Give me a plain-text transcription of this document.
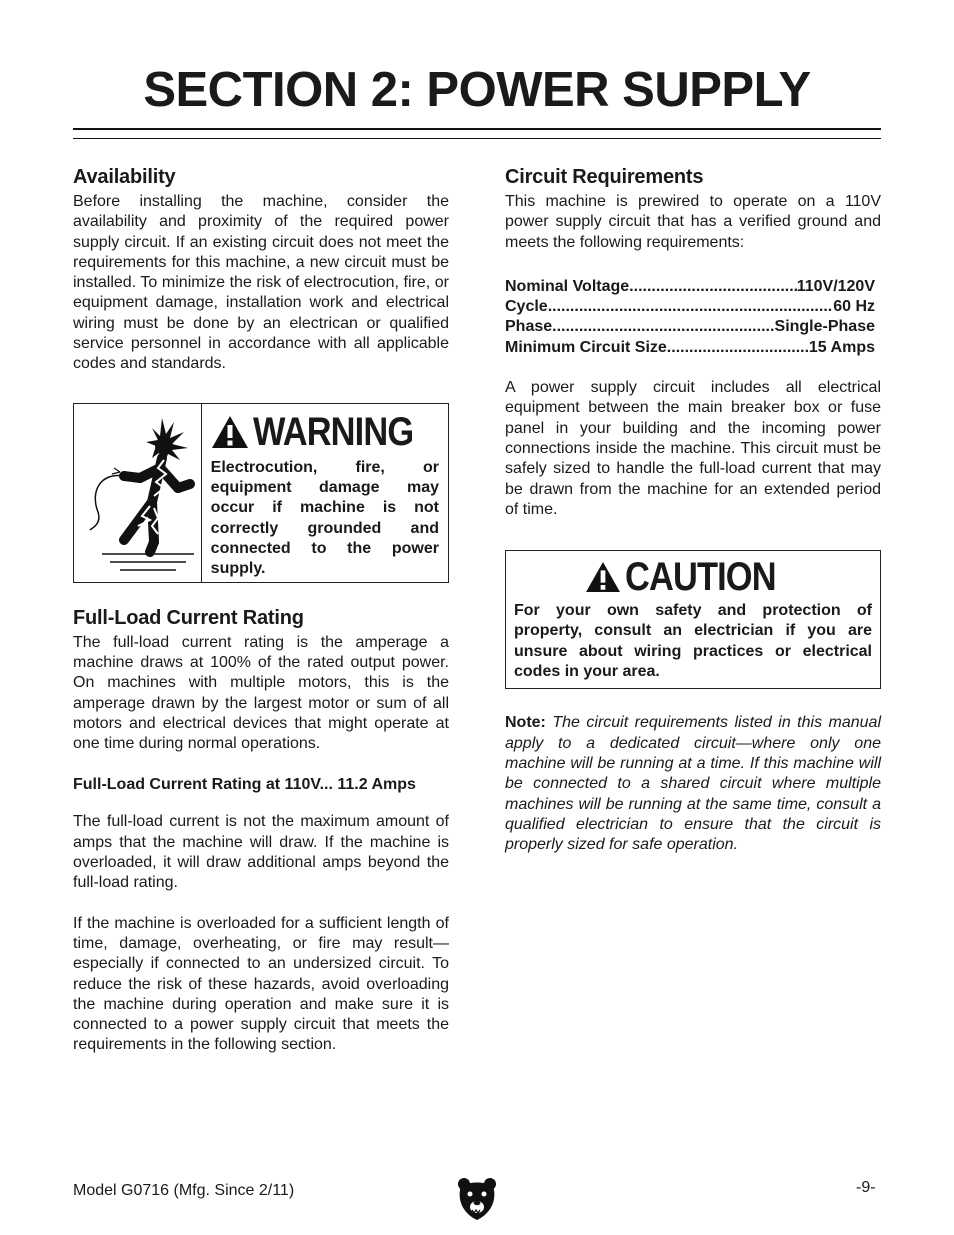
SECTION 2: POWER SUPPLY
Availability

Before installing the machine, consider the availability and proximity of the required power supply circuit. If an existing circuit does not meet the requirements for this machine, a new circuit must be installed. To minimize the risk of electrocution, fire, or equipment damage, installation work and electrical wiring must be done by an electrican or qualified service personnel in accordance with all applicable codes and standards.

WARNING

Electrocution, fire, or equipment damage may occur if machine is not correctly grounded and connected to the power supply.

Full-Load Current Rating

The full-load current rating is the amperage a machine draws at 100% of the rated output power. On machines with multiple motors, this is the amperage drawn by the largest motor or sum of all motors and electrical devices that might operate at one time during normal operations.

Full-Load Current Rating at 110V... 11.2 Amps

The full-load current is not the maximum amount of amps that the machine will draw. If the machine is overloaded, it will draw additional amps beyond the full-load rating.

If the machine is overloaded for a sufficient length of time, damage, overheating, or fire may result—especially if connected to an undersized circuit. To reduce the risk of these hazards, avoid overloading the machine during operation and make sure it is connected to a power supply circuit that meets the requirements in the following section.

Circuit Requirements

This machine is prewired to operate on a 110V power supply circuit that has a verified ground and meets the following requirements:

Nominal Voltage .....	110V/120V
Cycle .....	60 Hz
Phase .....	Single-Phase
Minimum Circuit Size .....	15 Amps

A power supply circuit includes all electrical equipment between the main breaker box or fuse panel in your building and the incoming power connections inside the machine. This circuit must be safely sized to handle the full-load current that may be drawn from the machine for an extended period of time.

CAUTION

For your own safety and protection of property, consult an electrician if you are unsure about wiring practices or electrical codes in your area.

Note: The circuit requirements listed in this manual apply to a dedicated circuit—where only one machine will be running at a time. If this machine will be connected to a shared circuit where multiple machines will be running at the same time, consult a qualified electrician to ensure that the circuit is properly sized for safe operation.

Model G0716 (Mfg. Since 2/11)	-9-
